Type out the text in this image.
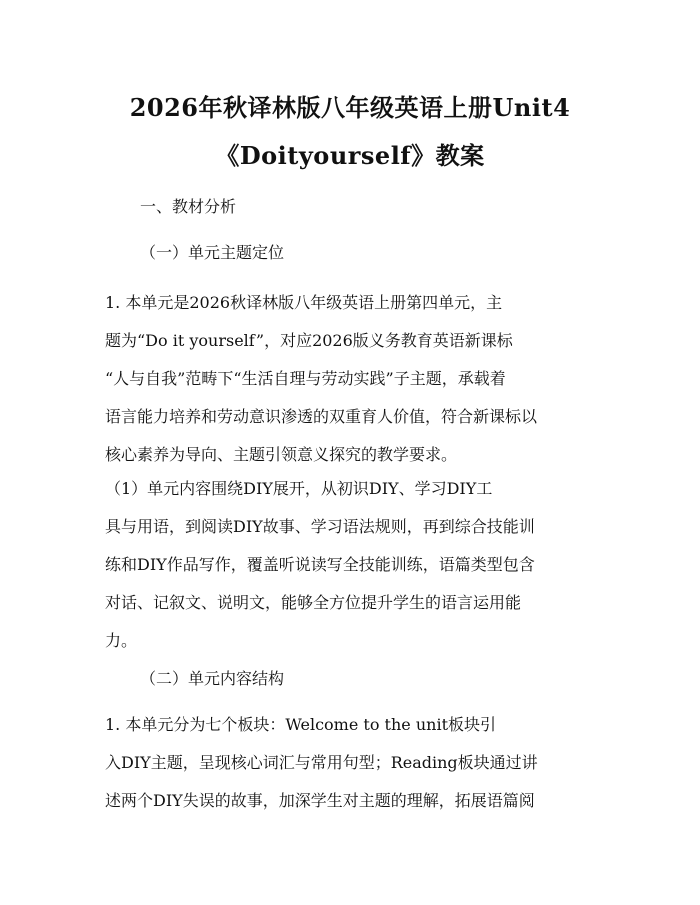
2026年秋译林版八年级英语上册Unit4
《Doityourself》教案
一、教材分析
（一）单元主题定位
1. 本单元是2026秋译林版八年级英语上册第四单元，主
题为“Do it yourself”，对应2026版义务教育英语新课标
“人与自我”范畴下“生活自理与劳动实践”子主题，承载着
语言能力培养和劳动意识渗透的双重育人价值，符合新课标以
核心素养为导向、主题引领意义探究的教学要求。
（1）单元内容围绕DIY展开，从初识DIY、学习DIY工
具与用语，到阅读DIY故事、学习语法规则，再到综合技能训
练和DIY作品写作，覆盖听说读写全技能训练，语篇类型包含
对话、记叙文、说明文，能够全方位提升学生的语言运用能
力。
（二）单元内容结构
1. 本单元分为七个板块：Welcome to the unit板块引
入DIY主题，呈现核心词汇与常用句型；Reading板块通过讲
述两个DIY失误的故事，加深学生对主题的理解，拓展语篇阅
